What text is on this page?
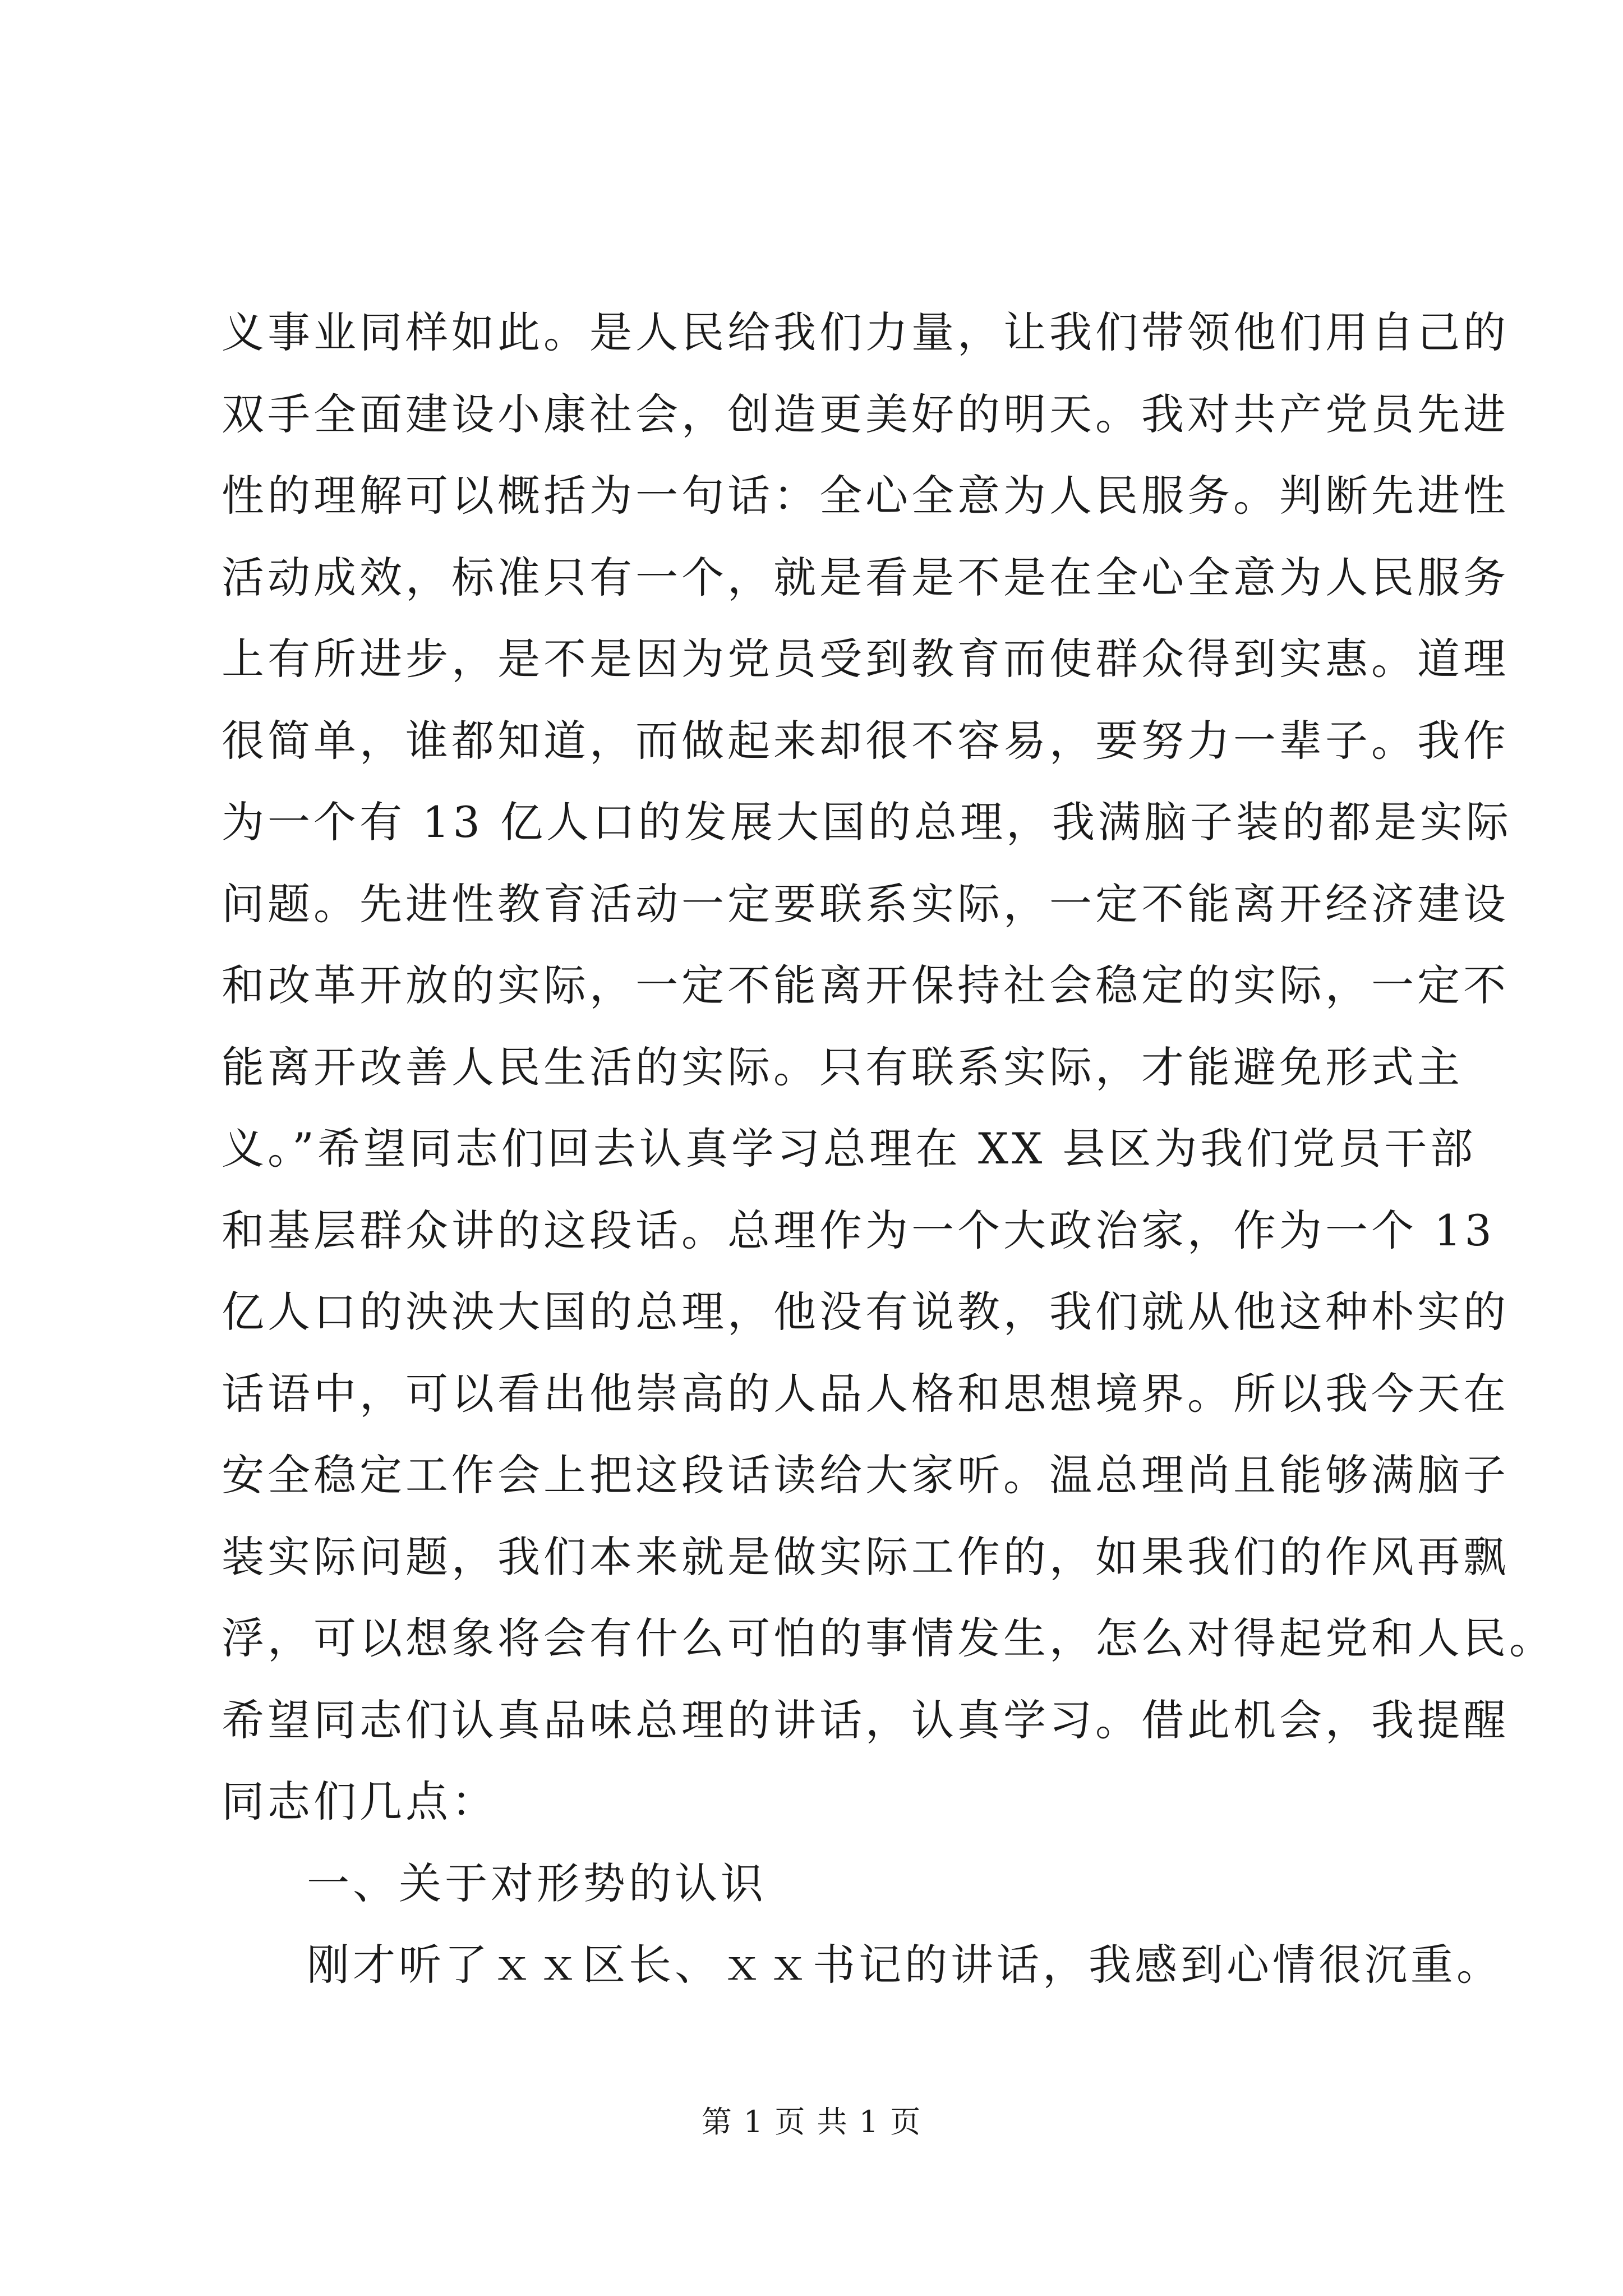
义事业同样如此。是人民给我们力量，让我们带领他们用自己的
双手全面建设小康社会，创造更美好的明天。我对共产党员先进
性的理解可以概括为一句话：全心全意为人民服务。判断先进性
活动成效，标准只有一个，就是看是不是在全心全意为人民服务
上有所进步，是不是因为党员受到教育而使群众得到实惠。道理
很简单，谁都知道，而做起来却很不容易，要努力一辈子。我作
为一个有 13 亿人口的发展大国的总理，我满脑子装的都是实际
问题。先进性教育活动一定要联系实际，一定不能离开经济建设
和改革开放的实际，一定不能离开保持社会稳定的实际，一定不
能离开改善人民生活的实际。只有联系实际，才能避免形式主
义。”希望同志们回去认真学习总理在 XX 县区为我们党员干部
和基层群众讲的这段话。总理作为一个大政治家，作为一个 13
亿人口的泱泱大国的总理，他没有说教，我们就从他这种朴实的
话语中，可以看出他崇高的人品人格和思想境界。所以我今天在
安全稳定工作会上把这段话读给大家听。温总理尚且能够满脑子
装实际问题，我们本来就是做实际工作的，如果我们的作风再飘
浮，可以想象将会有什么可怕的事情发生，怎么对得起党和人民。
希望同志们认真品味总理的讲话，认真学习。借此机会，我提醒
同志们几点：
一、关于对形势的认识
刚才听了ｘｘ区长、ｘｘ书记的讲话，我感到心情很沉重。
第 1 页 共 1 页
